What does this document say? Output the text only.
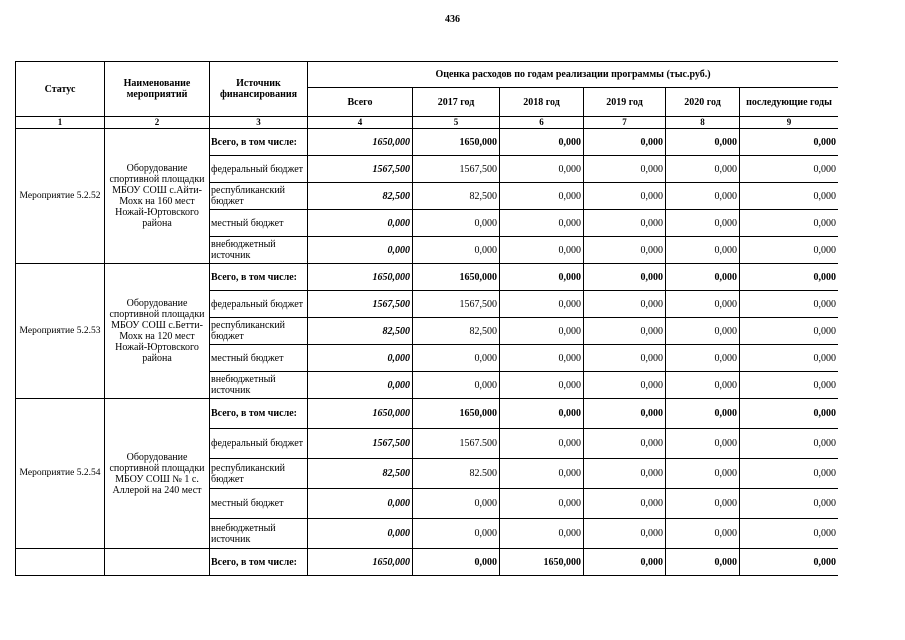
436
Статус	Наименование мероприятий	Источник финансирования	Оценка расходов по годам реализации программы (тыс.руб.)					
			Всего	2017 год	2018 год	2019 год	2020 год	последующие годы
1	2	3	4	5	6	7	8	9
Мероприятие 5.2.52	Оборудование спортивной площадки МБОУ СОШ с.Айти-Мохк на 160 мест Ножай-Юртовского района	Всего, в том числе:	1650,000	1650,000	0,000	0,000	0,000	0,000
		федеральный бюджет	1567,500	1567,500	0,000	0,000	0,000	0,000
		республиканский бюджет	82,500	82,500	0,000	0,000	0,000	0,000
		местный бюджет	0,000	0,000	0,000	0,000	0,000	0,000
		внебюджетный источник	0,000	0,000	0,000	0,000	0,000	0,000
Мероприятие 5.2.53	Оборудование спортивной площадки МБОУ СОШ с.Бетти-Мохк на 120 мест Ножай-Юртовского района	Всего, в том числе:	1650,000	1650,000	0,000	0,000	0,000	0,000
		федеральный бюджет	1567,500	1567,500	0,000	0,000	0,000	0,000
		республиканский бюджет	82,500	82,500	0,000	0,000	0,000	0,000
		местный бюджет	0,000	0,000	0,000	0,000	0,000	0,000
		внебюджетный источник	0,000	0,000	0,000	0,000	0,000	0,000
Мероприятие 5.2.54	Оборудование спортивной площадки МБОУ СОШ № 1 с. Аллерой на 240 мест	Всего, в том числе:	1650,000	1650,000	0,000	0,000	0,000	0,000
		федеральный бюджет	1567,500	1567.500	0,000	0,000	0,000	0,000
		республиканский бюджет	82,500	82.500	0,000	0,000	0,000	0,000
		местный бюджет	0,000	0,000	0,000	0,000	0,000	0,000
		внебюджетный источник	0,000	0,000	0,000	0,000	0,000	0,000
		Всего, в том числе:	1650,000	0,000	1650,000	0,000	0,000	0,000
